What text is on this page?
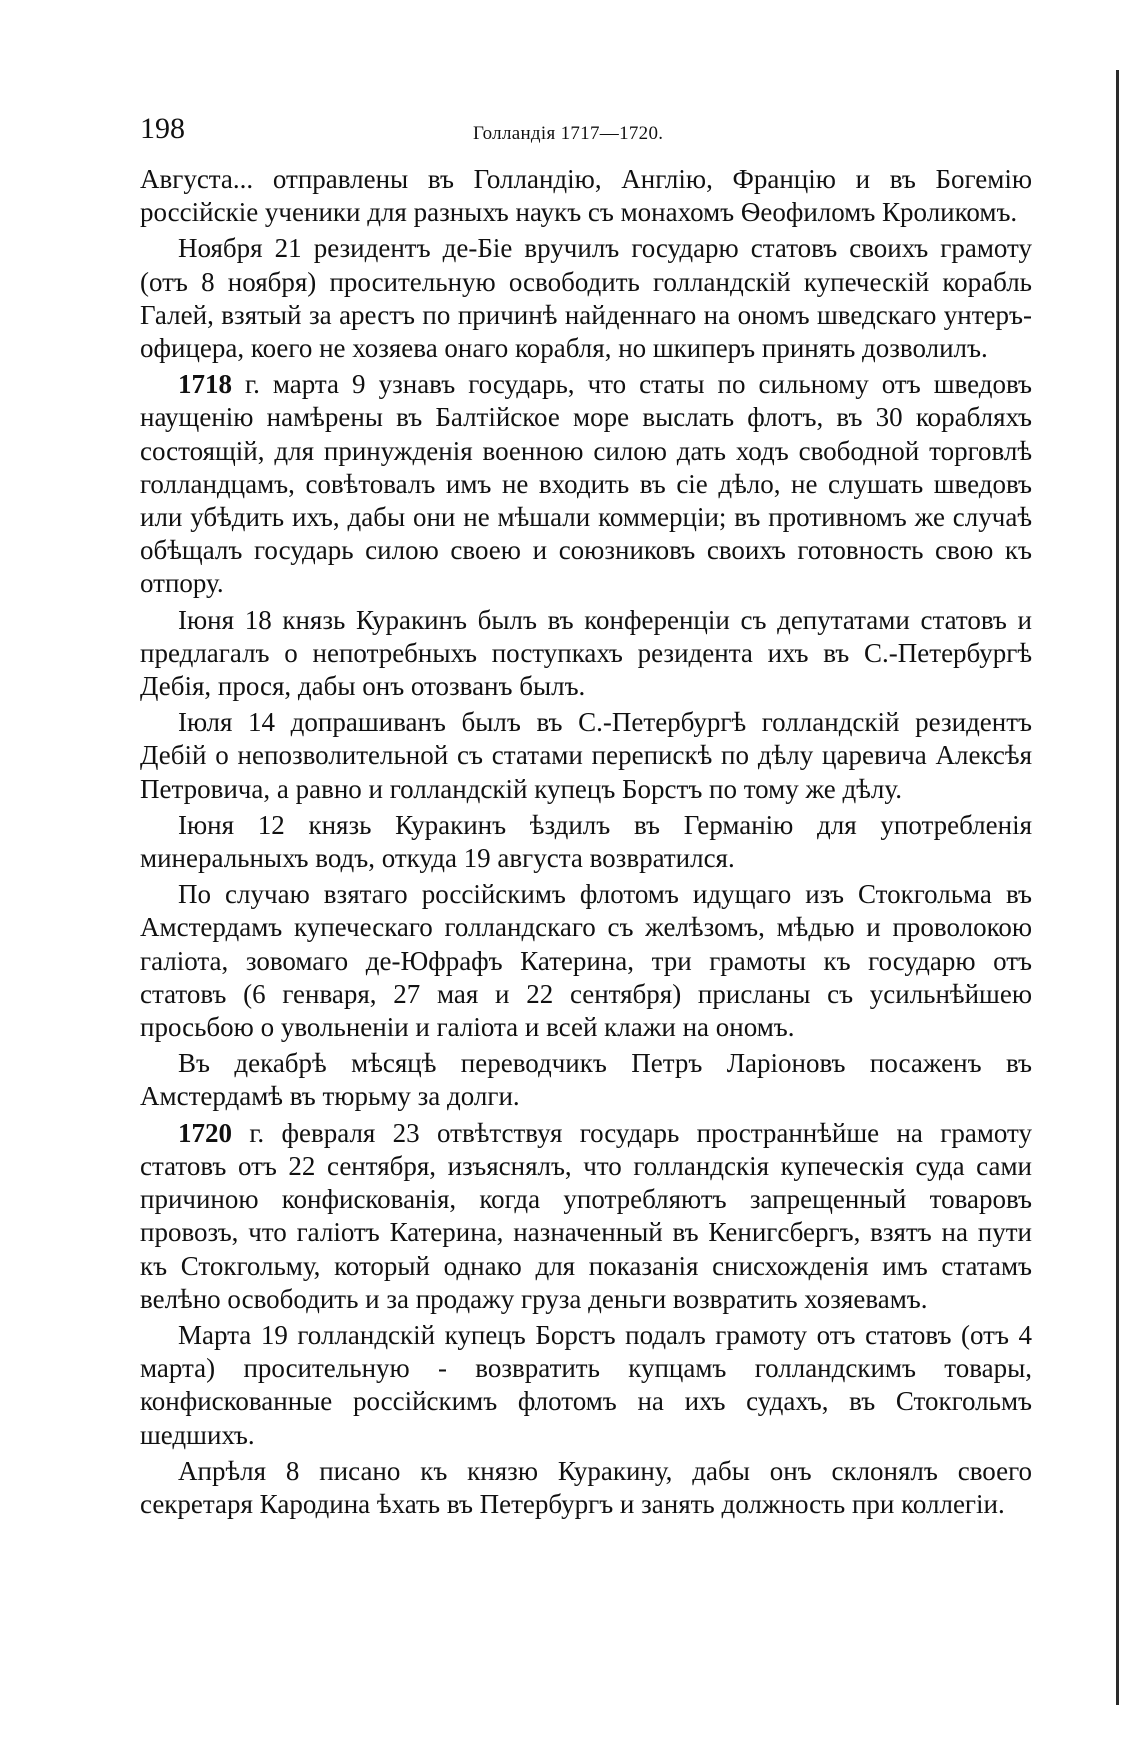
198	Голландія 1717—1720.

Августа... отправлены въ Голландію, Англію, Францію и въ Богемію россійскіе ученики для разныхъ наукъ съ монахомъ Ѳеофиломъ Кроликомъ.

Ноября 21 резидентъ де-Біе вручилъ государю статовъ своихъ грамоту (отъ 8 ноября) просительную освободить голландскій купеческій корабль Галей, взятый за арестъ по причинѣ найденнаго на ономъ шведскаго унтеръ-офицера, коего не хозяева онаго корабля, но шкиперъ принять дозволилъ.

1718 г. марта 9 узнавъ государь, что статы по сильному отъ шведовъ наущенію намѣрены въ Балтійское море выслать флотъ, въ 30 корабляхъ состоящій, для принужденія военною силою дать ходъ свободной торговлѣ голландцамъ, совѣтовалъ имъ не входить въ сіе дѣло, не слушать шведовъ или убѣдить ихъ, дабы они не мѣшали коммерціи; въ противномъ же случаѣ обѣщалъ государь силою своею и союзниковъ своихъ готовность свою къ отпору.

Іюня 18 князь Куракинъ былъ въ конференціи съ депутатами статовъ и предлагалъ о непотребныхъ поступкахъ резидента ихъ въ С.-Петербургѣ Дебія, прося, дабы онъ отозванъ былъ.

Іюля 14 допрашиванъ былъ въ С.-Петербургѣ голландскій резидентъ Дебій о непозволительной съ статами перепискѣ по дѣлу царевича Алексѣя Петровича, а равно и голландскій купецъ Борстъ по тому же дѣлу.

Іюня 12 князь Куракинъ ѣздилъ въ Германію для употребленія минеральныхъ водъ, откуда 19 августа возвратился.

По случаю взятаго россійскимъ флотомъ идущаго изъ Стокгольма въ Амстердамъ купеческаго голландскаго съ желѣзомъ, мѣдью и проволокою галіота, зовомаго де-Юфрафъ Катерина, три грамоты къ государю отъ статовъ (6 генваря, 27 мая и 22 сентября) присланы съ усильнѣйшею просьбою о увольненіи и галіота и всей клажи на ономъ.

Въ декабрѣ мѣсяцѣ переводчикъ Петръ Ларіоновъ посаженъ въ Амстердамѣ въ тюрьму за долги.

1720 г. февраля 23 отвѣтствуя государь пространнѣйше на грамоту статовъ отъ 22 сентября, изъяснялъ, что голландскія купеческія суда сами причиною конфискованія, когда употребляютъ запрещенный товаровъ провозъ, что галіотъ Катерина, назначенный въ Кенигсбергъ, взятъ на пути къ Стокгольму, который однако для показанія снисхожденія имъ статамъ велѣно освободить и за продажу груза деньги возвратить хозяевамъ.

Марта 19 голландскій купецъ Борстъ подалъ грамоту отъ статовъ (отъ 4 марта) просительную - возвратить купцамъ голландскимъ товары, конфискованные россійскимъ флотомъ на ихъ судахъ, въ Стокгольмъ шедшихъ.

Апрѣля 8 писано къ князю Куракину, дабы онъ склонялъ своего секретаря Кародина ѣхать въ Петербургъ и занять должность при коллегіи.
